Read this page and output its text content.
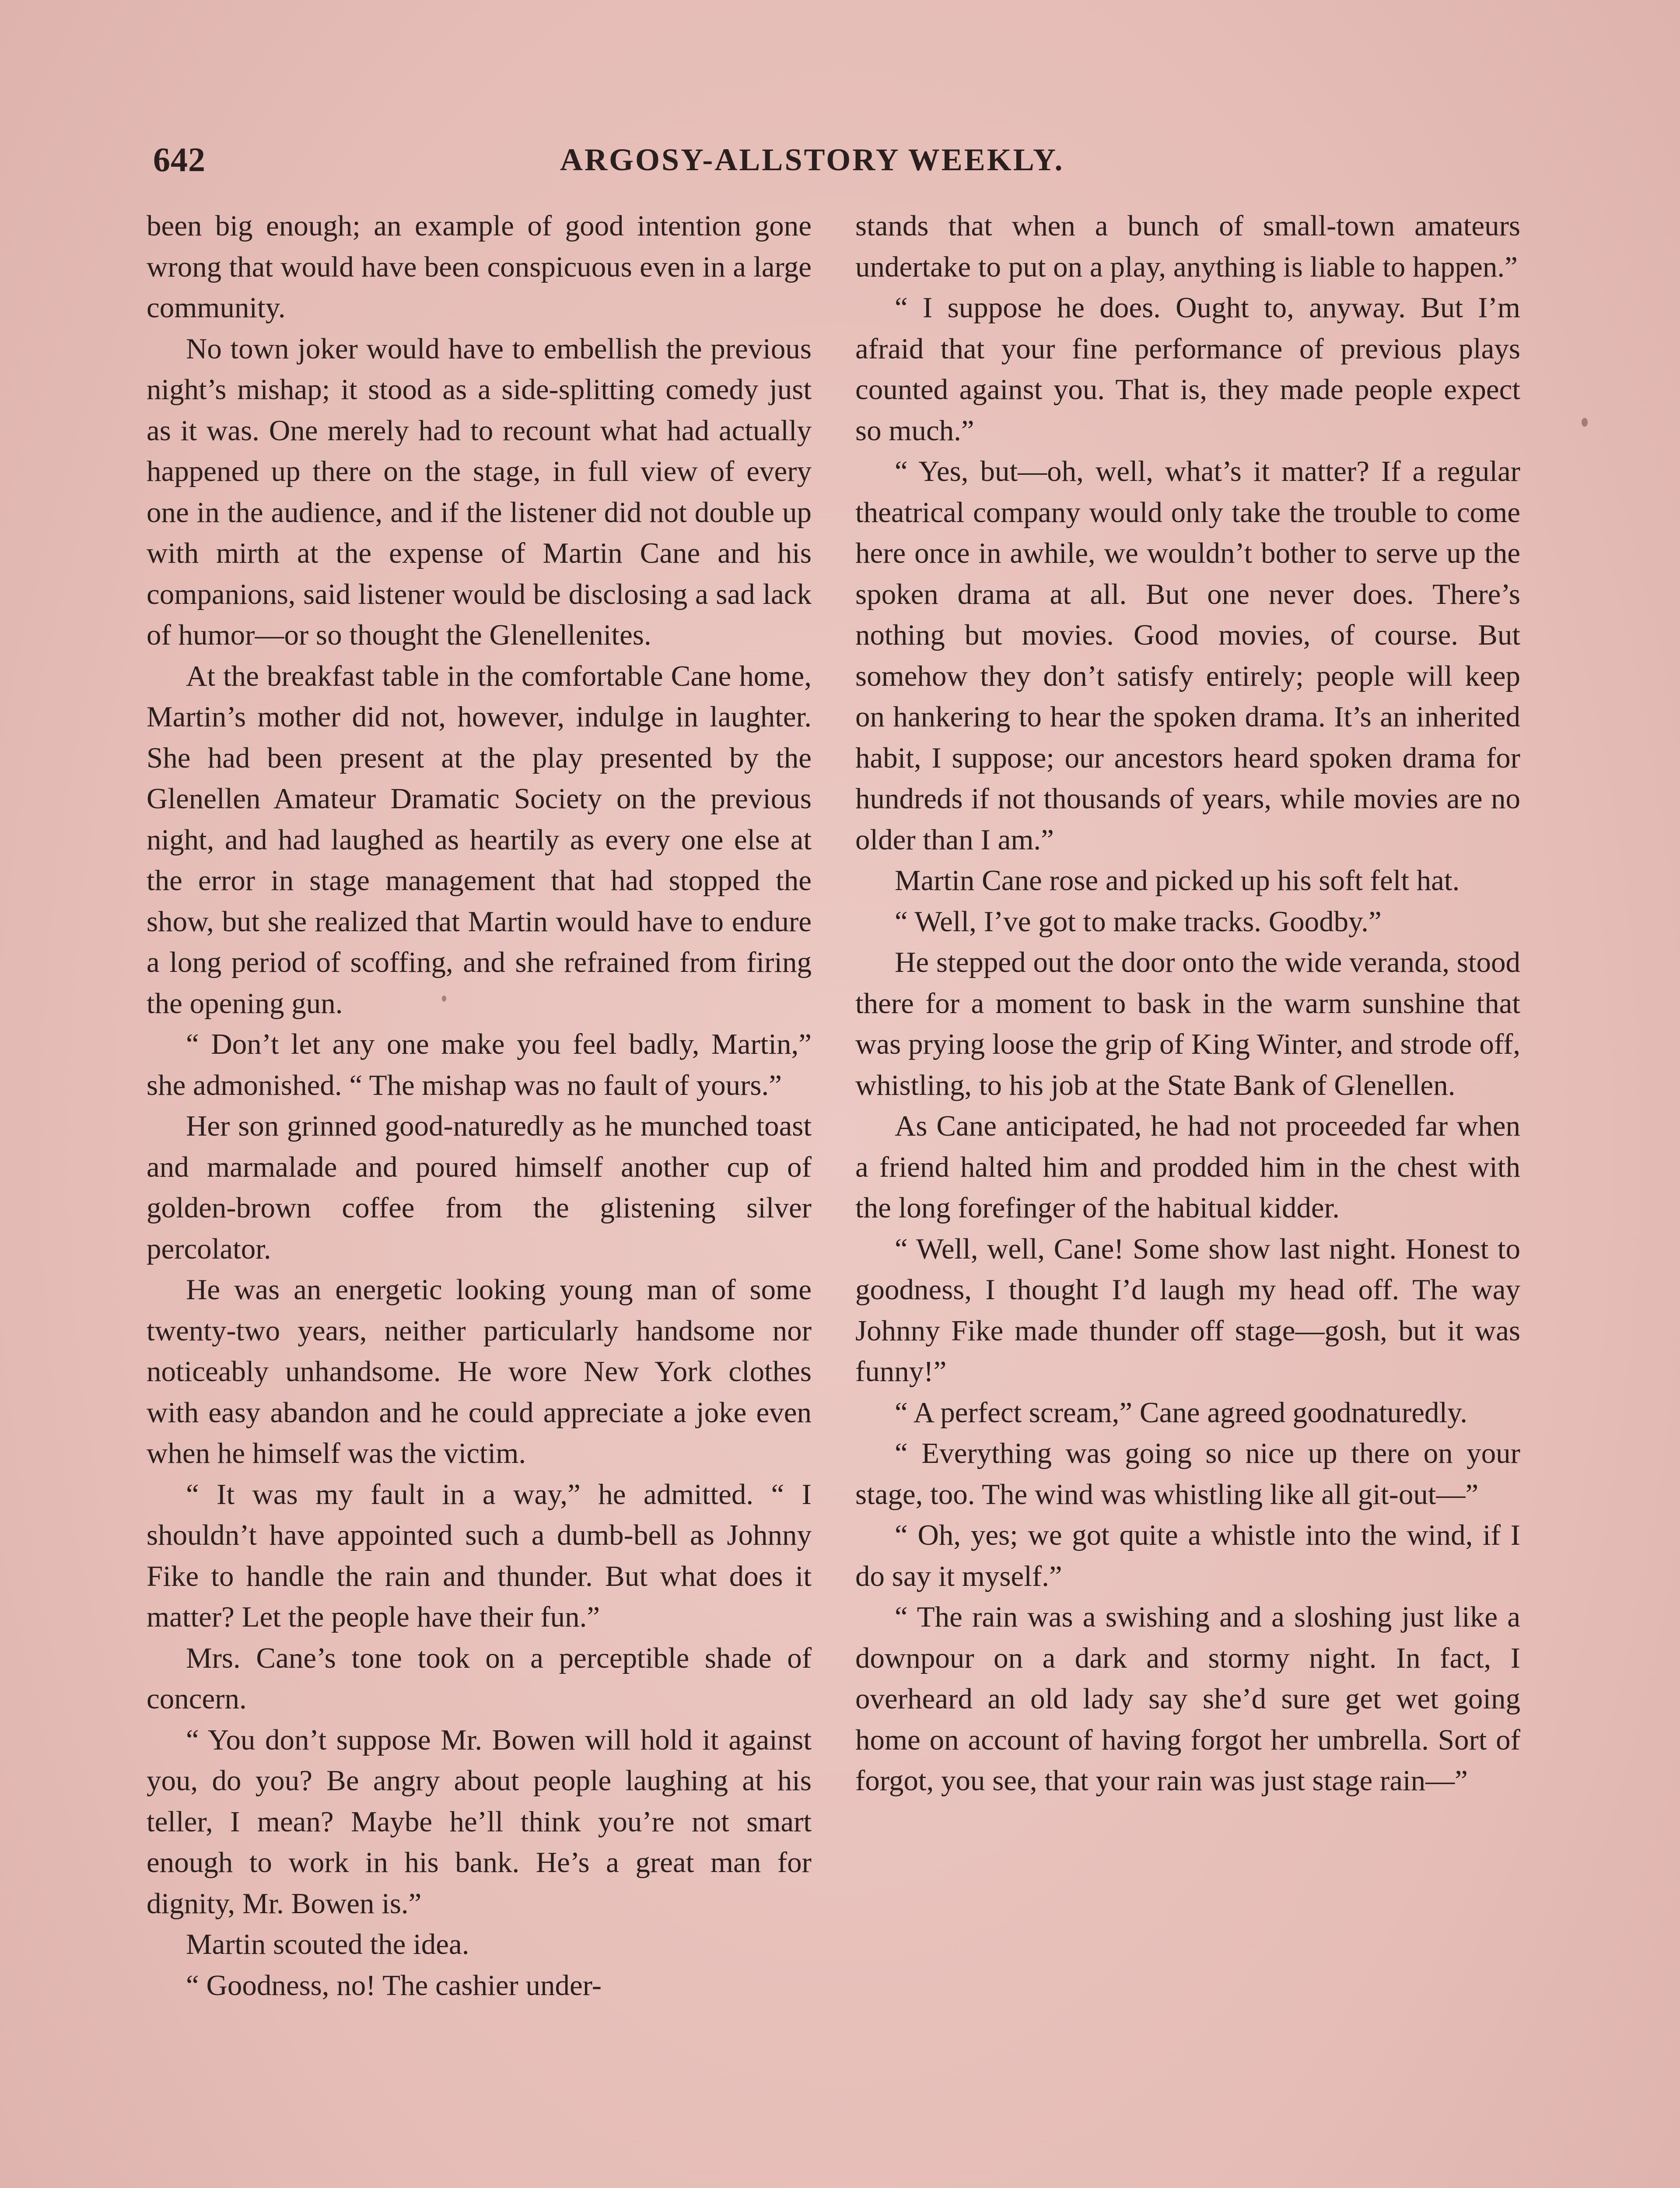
642	ARGOSY-ALLSTORY WEEKLY.

been big enough; an example of good intention gone wrong that would have been conspicuous even in a large community.

No town joker would have to embellish the previous night’s mishap; it stood as a side-splitting comedy just as it was. One merely had to recount what had actually happened up there on the stage, in full view of every one in the audience, and if the listener did not double up with mirth at the expense of Martin Cane and his companions, said listener would be disclosing a sad lack of humor—or so thought the Glenellenites.

At the breakfast table in the comfortable Cane home, Martin’s mother did not, however, indulge in laughter. She had been present at the play presented by the Glenellen Amateur Dramatic Society on the previous night, and had laughed as heartily as every one else at the error in stage management that had stopped the show, but she realized that Martin would have to endure a long period of scoffing, and she refrained from firing the opening gun.

“ Don’t let any one make you feel badly, Martin,” she admonished. “ The mishap was no fault of yours.”

Her son grinned good-naturedly as he munched toast and marmalade and poured himself another cup of golden-brown coffee from the glistening silver percolator.

He was an energetic looking young man of some twenty-two years, neither particularly handsome nor noticeably unhandsome. He wore New York clothes with easy abandon and he could appreciate a joke even when he himself was the victim.

“ It was my fault in a way,” he admitted. “ I shouldn’t have appointed such a dumb-bell as Johnny Fike to handle the rain and thunder. But what does it matter? Let the people have their fun.”

Mrs. Cane’s tone took on a perceptible shade of concern.

“ You don’t suppose Mr. Bowen will hold it against you, do you? Be angry about people laughing at his teller, I mean? Maybe he’ll think you’re not smart enough to work in his bank. He’s a great man for dignity, Mr. Bowen is.”

Martin scouted the idea.

“ Goodness, no! The cashier under-

stands that when a bunch of small-town amateurs undertake to put on a play, anything is liable to happen.”

“ I suppose he does. Ought to, anyway. But I’m afraid that your fine performance of previous plays counted against you. That is, they made people expect so much.”

“ Yes, but—oh, well, what’s it matter? If a regular theatrical company would only take the trouble to come here once in awhile, we wouldn’t bother to serve up the spoken drama at all. But one never does. There’s nothing but movies. Good movies, of course. But somehow they don’t satisfy entirely; people will keep on hankering to hear the spoken drama. It’s an inherited habit, I suppose; our ancestors heard spoken drama for hundreds if not thousands of years, while movies are no older than I am.”

Martin Cane rose and picked up his soft felt hat.

“ Well, I’ve got to make tracks. Goodby.”

He stepped out the door onto the wide veranda, stood there for a moment to bask in the warm sunshine that was prying loose the grip of King Winter, and strode off, whistling, to his job at the State Bank of Glenellen.

As Cane anticipated, he had not proceeded far when a friend halted him and prodded him in the chest with the long forefinger of the habitual kidder.

“ Well, well, Cane! Some show last night. Honest to goodness, I thought I’d laugh my head off. The way Johnny Fike made thunder off stage—gosh, but it was funny!”

“ A perfect scream,” Cane agreed goodnaturedly.

“ Everything was going so nice up there on your stage, too. The wind was whistling like all git-out—”

“ Oh, yes; we got quite a whistle into the wind, if I do say it myself.”

“ The rain was a swishing and a sloshing just like a downpour on a dark and stormy night. In fact, I overheard an old lady say she’d sure get wet going home on account of having forgot her umbrella. Sort of forgot, you see, that your rain was just stage rain—”
